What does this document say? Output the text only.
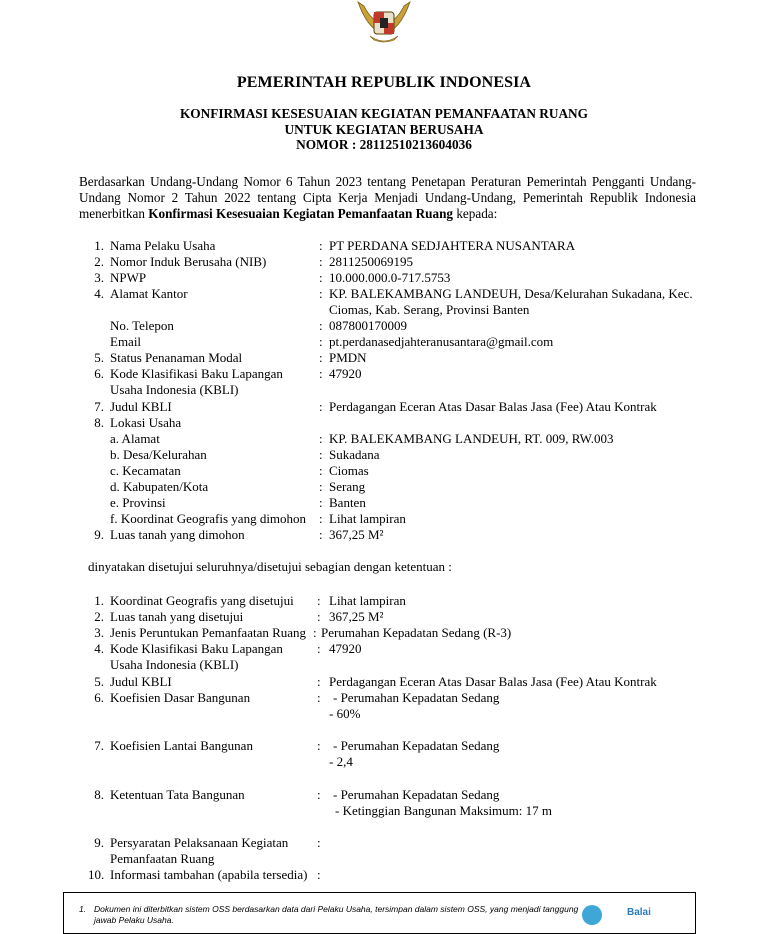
PEMERINTAH REPUBLIK INDONESIA
KONFIRMASI KESESUAIAN KEGIATAN PEMANFAATAN RUANG
UNTUK KEGIATAN BERUSAHA
NOMOR : 28112510213604036
Berdasarkan Undang-Undang Nomor 6 Tahun 2023 tentang Penetapan Peraturan Pemerintah Pengganti Undang-Undang Nomor 2 Tahun 2022 tentang Cipta Kerja Menjadi Undang-Undang, Pemerintah Republik Indonesia menerbitkan Konfirmasi Kesesuaian Kegiatan Pemanfaatan Ruang kepada:
1. Nama Pelaku Usaha	: PT PERDANA SEDJAHTERA NUSANTARA
2. Nomor Induk Berusaha (NIB)	: 2811250069195
3. NPWP	: 10.000.000.0-717.5753
4. Alamat Kantor	: KP. BALEKAMBANG LANDEUH, Desa/Kelurahan Sukadana, Kec.
Ciomas, Kab. Serang, Provinsi Banten
No. Telepon	: 087800170009
Email	: pt.perdanasedjahteranusantara@gmail.com
5. Status Penanaman Modal	: PMDN
6. Kode Klasifikasi Baku Lapangan
Usaha Indonesia (KBLI)
: 47920
7. Judul KBLI	: Perdagangan Eceran Atas Dasar Balas Jasa (Fee) Atau Kontrak
8. Lokasi Usaha
a. Alamat	: KP. BALEKAMBANG LANDEUH, RT. 009, RW.003
b. Desa/Kelurahan	: Sukadana
c. Kecamatan	: Ciomas
d. Kabupaten/Kota	: Serang
e. Provinsi	: Banten
f. Koordinat Geografis yang dimohon : Lihat lampiran
9. Luas tanah yang dimohon	: 367,25 M²
dinyatakan disetujui seluruhnya/disetujui sebagian dengan ketentuan :
1. Koordinat Geografis yang disetujui : Lihat lampiran
2. Luas tanah yang disetujui	: 367,25 M²
3. Jenis Peruntukan Pemanfaatan Ruang : Perumahan Kepadatan Sedang (R-3)
4. Kode Klasifikasi Baku Lapangan
Usaha Indonesia (KBLI)
: 47920
5. Judul KBLI	: Perdagangan Eceran Atas Dasar Balas Jasa (Fee) Atau Kontrak
6. Koefisien Dasar Bangunan	: - Perumahan Kepadatan Sedang
- 60%
7. Koefisien Lantai Bangunan	: - Perumahan Kepadatan Sedang
- 2,4
8. Ketentuan Tata Bangunan	: - Perumahan Kepadatan Sedang
- Ketinggian Bangunan Maksimum: 17 m
9. Persyaratan Pelaksanaan Kegiatan
Pemanfaatan Ruang
:
10. Informasi tambahan (apabila tersedia) :
1. Dokumen ini diterbitkan sistem OSS berdasarkan data dari Pelaku Usaha, tersimpan dalam sistem OSS, yang menjadi tanggung jawab Pelaku Usaha.
Balai
